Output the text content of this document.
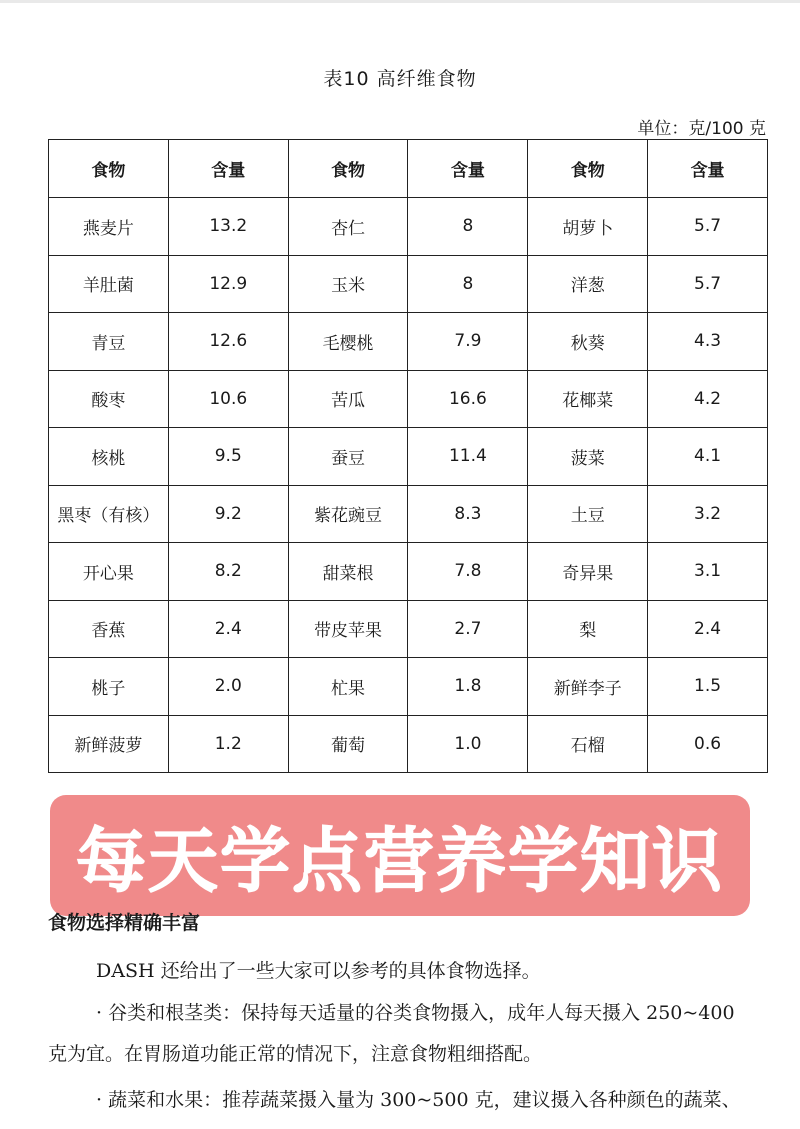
表10 高纤维食物
单位：克/100 克
食物	含量	食物	含量	食物	含量
燕麦片	13.2	杏仁	8	胡萝卜	5.7
羊肚菌	12.9	玉米	8	洋葱	5.7
青豆	12.6	毛樱桃	7.9	秋葵	4.3
酸枣	10.6	苦瓜	16.6	花椰菜	4.2
核桃	9.5	蚕豆	11.4	菠菜	4.1
黑枣（有核）	9.2	紫花豌豆	8.3	土豆	3.2
开心果	8.2	甜菜根	7.8	奇异果	3.1
香蕉	2.4	带皮苹果	2.7	梨	2.4
桃子	2.0	杧果	1.8	新鲜李子	1.5
新鲜菠萝	1.2	葡萄	1.0	石榴	0.6
每天学点营养学知识
食物选择精确丰富
DASH 还给出了一些大家可以参考的具体食物选择。
· 谷类和根茎类：保持每天适量的谷类食物摄入，成年人每天摄入 250~400
克为宜。在胃肠道功能正常的情况下，注意食物粗细搭配。
· 蔬菜和水果：推荐蔬菜摄入量为 300~500 克，建议摄入各种颜色的蔬菜、
